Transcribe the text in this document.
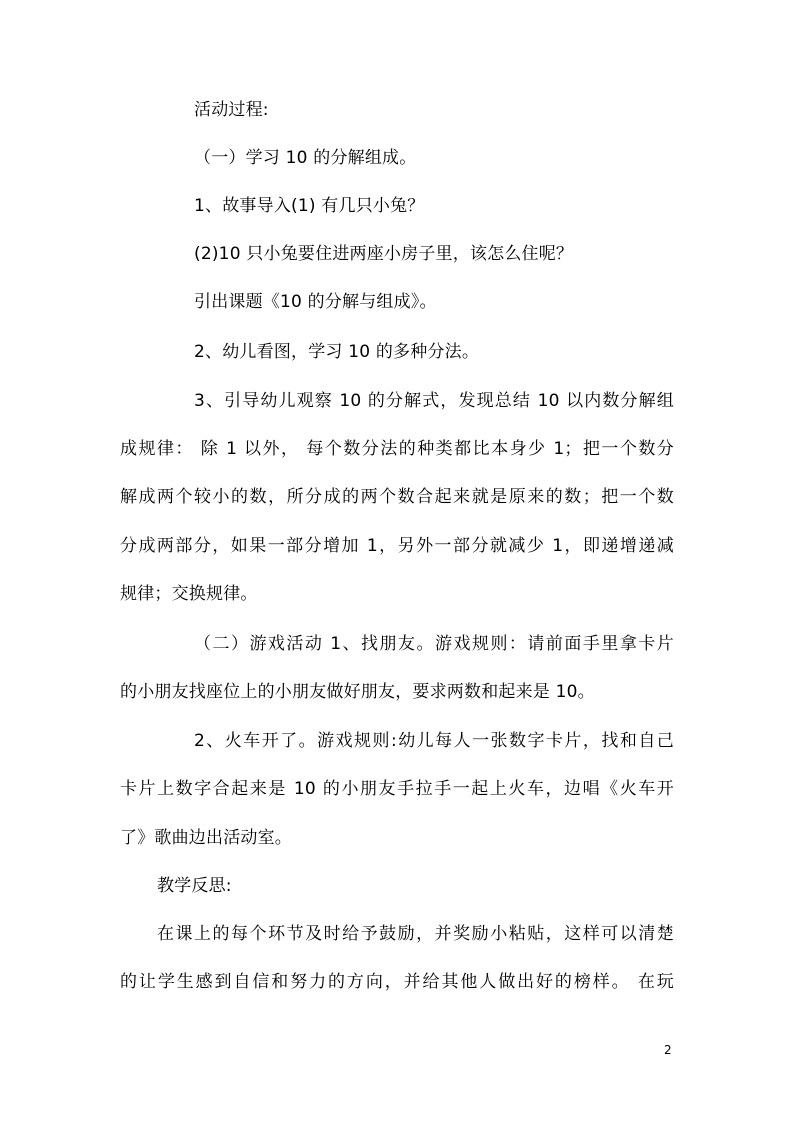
活动过程:
（一）学习 10 的分解组成。
1、故事导入(1) 有几只小兔？
(2)10 只小兔要住进两座小房子里，该怎么住呢？
引出课题《10 的分解与组成》。
2、幼儿看图，学习 10 的多种分法。
3、引导幼儿观察 10 的分解式，发现总结 10 以内数分解组
成规律： 除 1 以外， 每个数分法的种类都比本身少 1；把一个数分
解成两个较小的数，所分成的两个数合起来就是原来的数；把一个数
分成两部分，如果一部分增加 1，另外一部分就减少 1，即递增递减
规律；交换规律。
（二）游戏活动 1、找朋友。游戏规则：请前面手里拿卡片
的小朋友找座位上的小朋友做好朋友，要求两数和起来是 10。
2、火车开了。游戏规则:幼儿每人一张数字卡片，找和自己
卡片上数字合起来是 10 的小朋友手拉手一起上火车，边唱《火车开
了》歌曲边出活动室。
教学反思:
在课上的每个环节及时给予鼓励，并奖励小粘贴，这样可以清楚
的让学生感到自信和努力的方向，并给其他人做出好的榜样。 在玩
2
